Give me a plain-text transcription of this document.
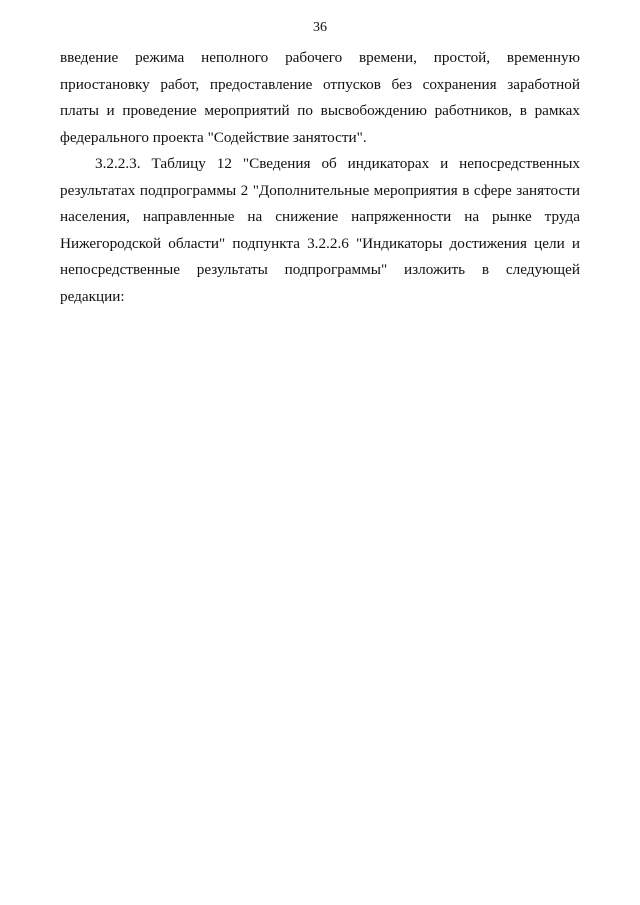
36
введение режима неполного рабочего времени, простой, временную
приостановку работ, предоставление отпусков без сохранения заработной
платы и проведение мероприятий по высвобождению работников, в рамках
федерального проекта "Содействие занятости".
3.2.2.3. Таблицу 12 "Сведения об индикаторах и непосредственных
результатах подпрограммы 2 "Дополнительные мероприятия в сфере занятости
населения, направленные на снижение напряженности на рынке труда
Нижегородской области" подпункта 3.2.2.6 "Индикаторы достижения цели и
непосредственные результаты подпрограммы" изложить в следующей
редакции:
